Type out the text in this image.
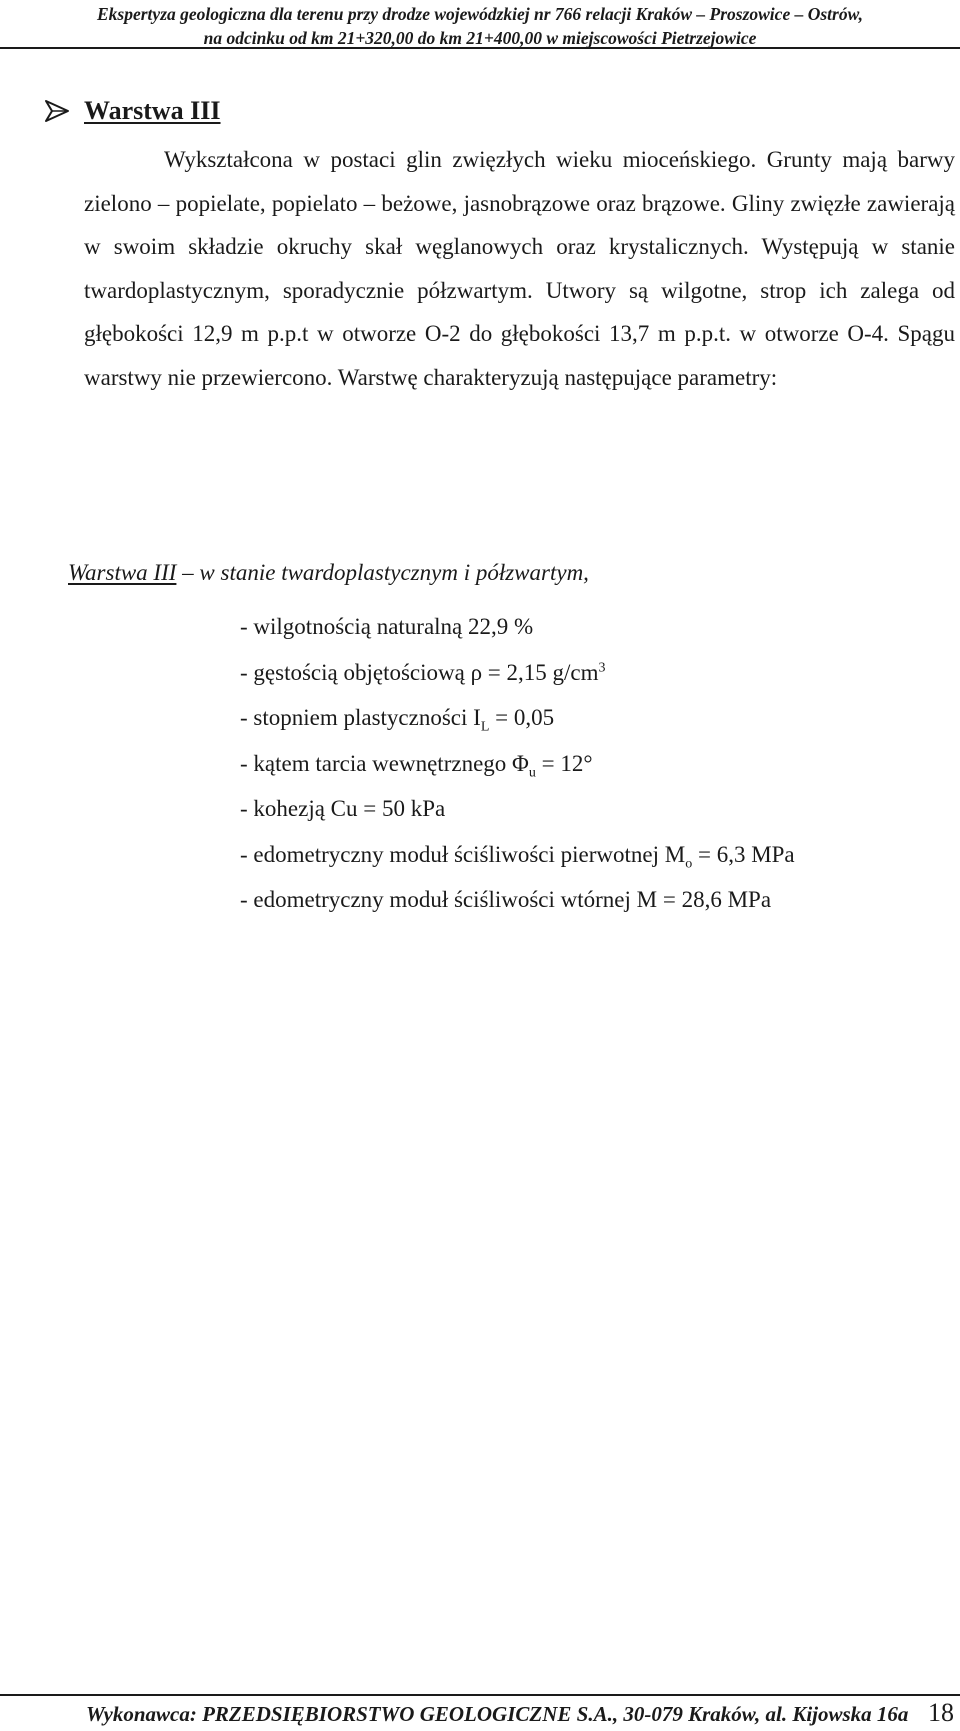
Ekspertyza geologiczna dla terenu przy drodze wojewódzkiej nr 766 relacji Kraków – Proszowice – Ostrów,
na odcinku od km 21+320,00 do km 21+400,00 w miejscowości Pietrzejowice
Warstwa III

Wykształcona w postaci glin zwięzłych wieku mioceńskiego. Grunty mają barwy zielono – popielate, popielato – beżowe, jasnobrązowe oraz brązowe. Gliny zwięzłe zawierają w swoim składzie okruchy skał węglanowych oraz krystalicznych. Występują w stanie twardoplastycznym, sporadycznie półzwartym. Utwory są wilgotne, strop ich zalega od głębokości 12,9 m p.p.t w otworze O-2 do głębokości 13,7 m p.p.t. w otworze O-4. Spągu warstwy nie przewiercono. Warstwę charakteryzują następujące parametry:

Warstwa III – w stanie twardoplastycznym i półzwartym,
- wilgotnością naturalną 22,9 %
- gęstością objętościową ρ = 2,15 $g/cm^3$
- stopniem plastyczności $I_L = 0,05$
- kątem tarcia wewnętrznego $\Phi_u = 12^\circ$
- kohezją Cu = 50 kPa
- edometryczny moduł ściśliwości pierwotnej $M_o = 6,3$ MPa
- edometryczny moduł ściśliwości wtórnej M = 28,6 MPa
Wykonawca: PRZEDSIĘBIORSTWO GEOLOGICZNE S.A., 30-079 Kraków, al. Kijowska 16a 18
